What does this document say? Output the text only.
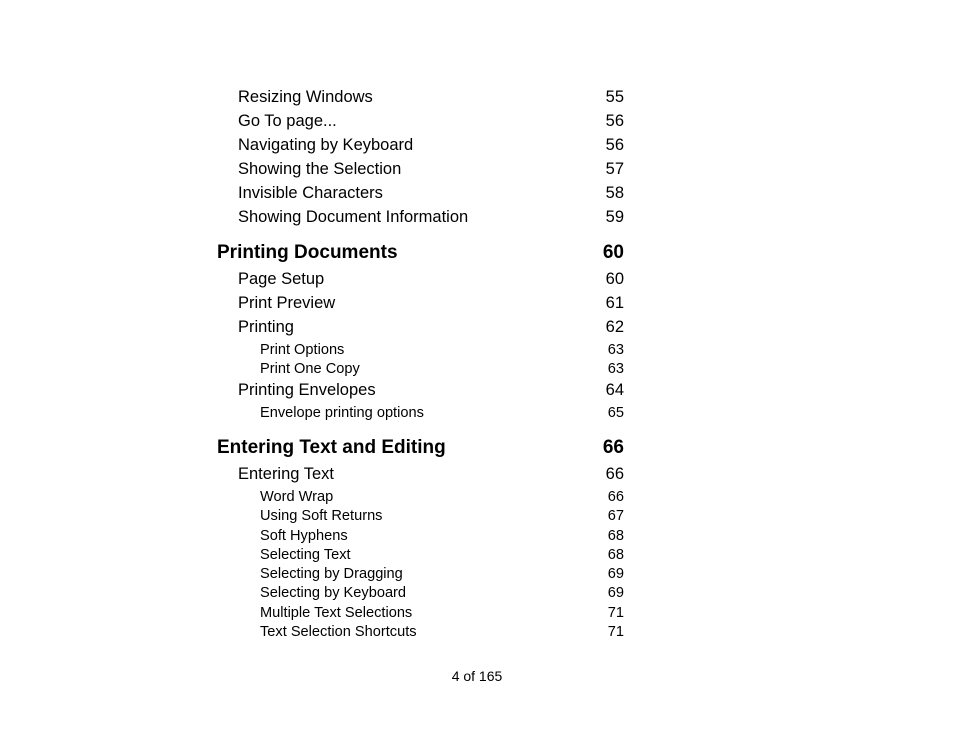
Resizing Windows	55
Go To page...	56
Navigating by Keyboard	56
Showing the Selection	57
Invisible Characters	58
Showing Document Information	59
Printing Documents	60
Page Setup	60
Print Preview	61
Printing	62
Print Options	63
Print One Copy	63
Printing Envelopes	64
Envelope printing options	65
Entering Text and Editing	66
Entering Text	66
Word Wrap	66
Using Soft Returns	67
Soft Hyphens	68
Selecting Text	68
Selecting by Dragging	69
Selecting by Keyboard	69
Multiple Text Selections	71
Text Selection Shortcuts	71
4 of 165
